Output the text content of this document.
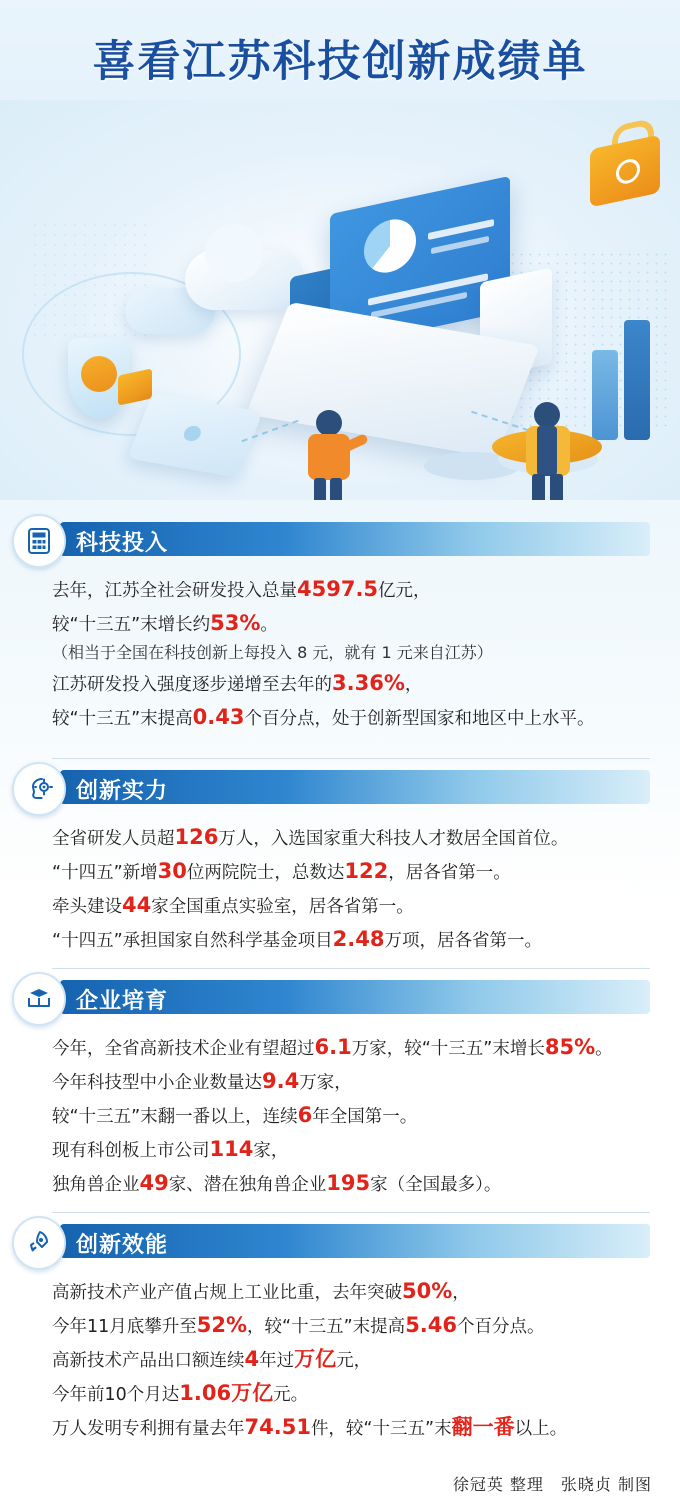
喜看江苏科技创新成绩单
科技投入
去年，江苏全社会研发投入总量4597.5亿元，
较“十三五”末增长约53%。
（相当于全国在科技创新上每投入 8 元，就有 1 元来自江苏）
江苏研发投入强度逐步递增至去年的3.36%，
较“十三五”末提高0.43个百分点，处于创新型国家和地区中上水平。
创新实力
全省研发人员超126万人，入选国家重大科技人才数居全国首位。
“十四五”新增30位两院院士，总数达122，居各省第一。
牵头建设44家全国重点实验室，居各省第一。
“十四五”承担国家自然科学基金项目2.48万项，居各省第一。
企业培育
今年，全省高新技术企业有望超过6.1万家，较“十三五”末增长85%。
今年科技型中小企业数量达9.4万家，
较“十三五”末翻一番以上，连续6年全国第一。
现有科创板上市公司114家，
独角兽企业49家、潜在独角兽企业195家（全国最多）。
创新效能
高新技术产业产值占规上工业比重，去年突破50%，
今年11月底攀升至52%，较“十三五”末提高5.46个百分点。
高新技术产品出口额连续4年过万亿元，
今年前10个月达1.06万亿元。
万人发明专利拥有量去年74.51件，较“十三五”末翻一番以上。
徐冠英 整理　张晓贞 制图
